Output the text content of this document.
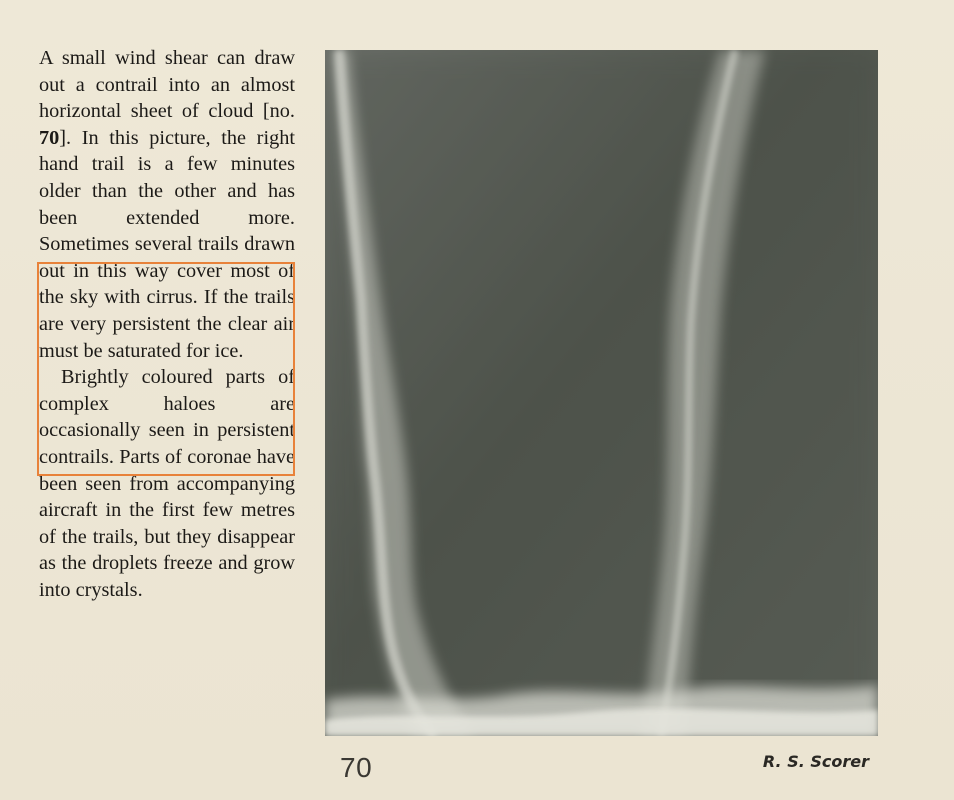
A small wind shear can draw out a contrail into an almost horizontal sheet of cloud [no. 70]. In this picture, the right hand trail is a few minutes older than the other and has been extended more. Sometimes several trails drawn out in this way cover most of the sky with cirrus. If the trails are very persistent the clear air must be saturated for ice.

Brightly coloured parts of complex haloes are occasionally seen in persistent contrails. Parts of coronae have been seen from accompanying aircraft in the first few metres of the trails, but they disappear as the droplets freeze and grow into crystals.

70	R. S. Scorer
